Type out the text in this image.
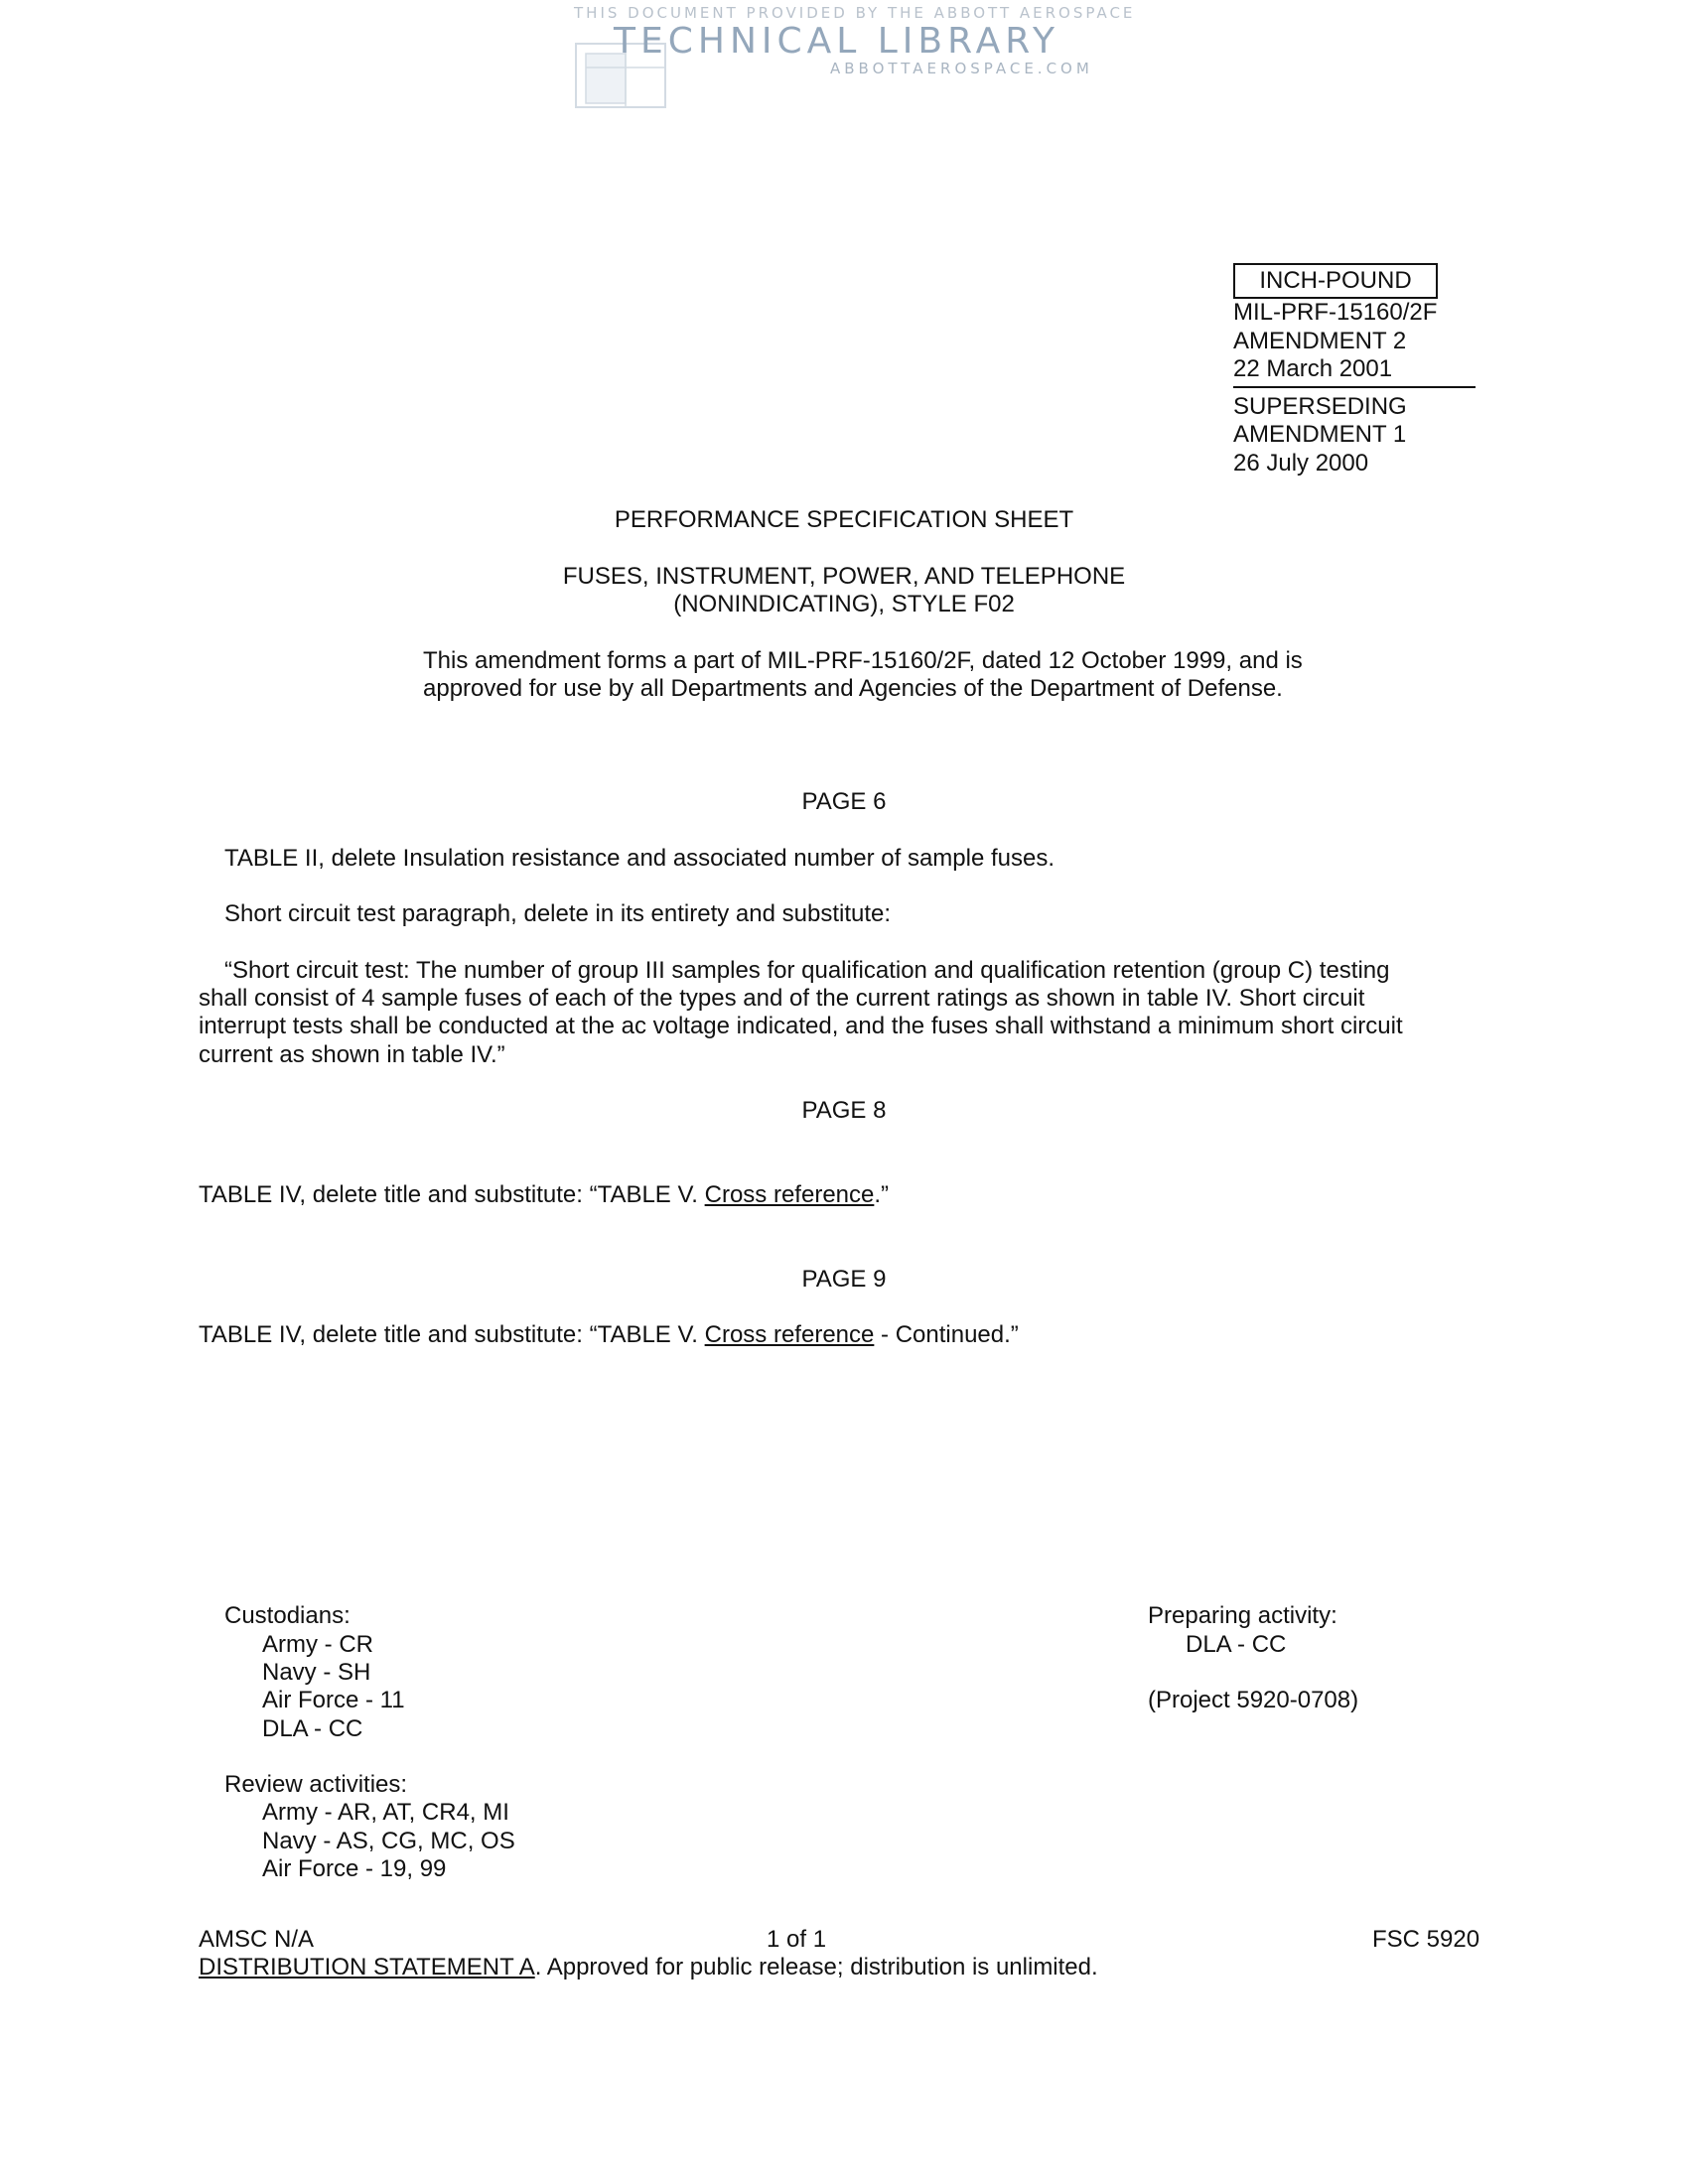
THIS DOCUMENT PROVIDED BY THE ABBOTT AEROSPACE
TECHNICAL LIBRARY
ABBOTTAEROSPACE.COM
INCH-POUND
MIL-PRF-15160/2F
AMENDMENT 2
22 March 2001
SUPERSEDING
AMENDMENT 1
26 July 2000
PERFORMANCE SPECIFICATION SHEET
FUSES, INSTRUMENT, POWER, AND TELEPHONE
(NONINDICATING), STYLE F02
This amendment forms a part of MIL-PRF-15160/2F, dated 12 October 1999, and is
approved for use by all Departments and Agencies of the Department of Defense.
PAGE 6
TABLE II, delete Insulation resistance and associated number of sample fuses.
Short circuit test paragraph, delete in its entirety and substitute:
“Short circuit test: The number of group III samples for qualification and qualification retention (group C) testing
shall consist of 4 sample fuses of each of the types and of the current ratings as shown in table IV. Short circuit
interrupt tests shall be conducted at the ac voltage indicated, and the fuses shall withstand a minimum short circuit
current as shown in table IV.”
PAGE 8
TABLE IV, delete title and substitute: “TABLE V. Cross reference.”
PAGE 9
TABLE IV, delete title and substitute: “TABLE V. Cross reference - Continued.”
Custodians:
Army - CR
Navy - SH
Air Force - 11
DLA - CC
Review activities:
Army - AR, AT, CR4, MI
Navy - AS, CG, MC, OS
Air Force - 19, 99
Preparing activity:
DLA - CC
(Project 5920-0708)
AMSC N/A	1 of 1	FSC 5920
DISTRIBUTION STATEMENT A. Approved for public release; distribution is unlimited.
